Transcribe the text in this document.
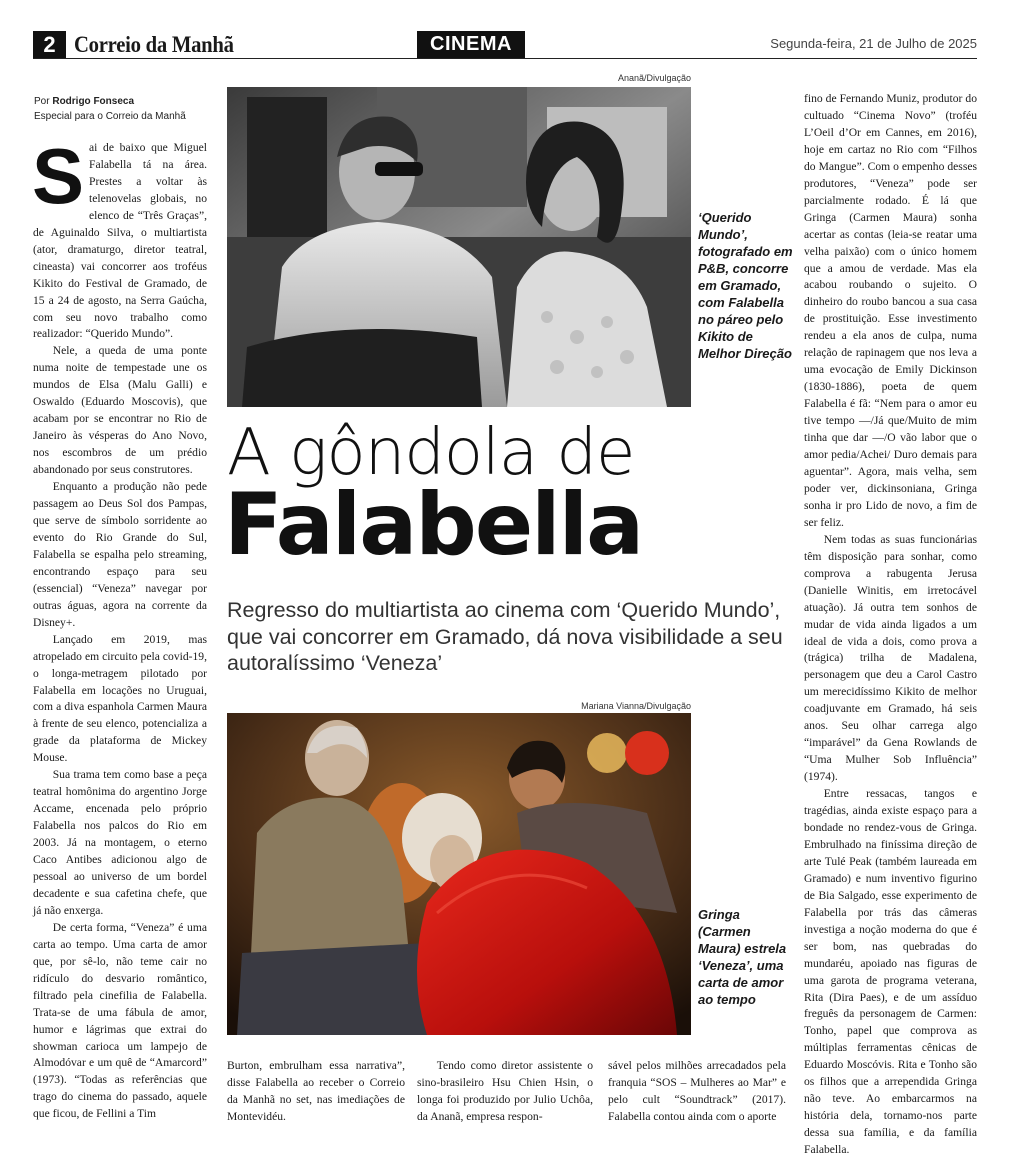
2 Correio da Manhã	CINEMA	Segunda-feira, 21 de Julho de 2025
Por Rodrigo Fonseca
Especial para o Correio da Manhã

Sai de baixo que Miguel Falabella tá na área. Prestes a voltar às telenovelas globais, no elenco de “Três Graças”, de Aguinaldo Silva, o multiartista (ator, dramaturgo, diretor teatral, cineasta) vai concorrer aos troféus Kikito do Festival de Gramado, de 15 a 24 de agosto, na Serra Gaúcha, com seu novo trabalho como realizador: “Querido Mundo”.

Nele, a queda de uma ponte numa noite de tempestade une os mundos de Elsa (Malu Galli) e Oswaldo (Eduardo Moscovis), que acabam por se encontrar no Rio de Janeiro às vésperas do Ano Novo, nos escombros de um prédio abandonado por seus construtores.

Enquanto a produção não pede passagem ao Deus Sol dos Pampas, que serve de símbolo sorridente ao evento do Rio Grande do Sul, Falabella se espalha pelo streaming, encontrando espaço para seu (essencial) “Veneza” navegar por outras águas, agora na corrente da Disney+.

Lançado em 2019, mas atropelado em circuito pela covid-19, o longa-metragem pilotado por Falabella em locações no Uruguai, com a diva espanhola Carmen Maura à frente de seu elenco, potencializa a grade da plataforma de Mickey Mouse.

Sua trama tem como base a peça teatral homônima do argentino Jorge Accame, encenada pelo próprio Falabella nos palcos do Rio em 2003. Já na montagem, o eterno Caco Antibes adicionou algo de pessoal ao universo de um bordel decadente e sua cafetina chefe, que já não enxerga.

De certa forma, “Veneza” é uma carta ao tempo. Uma carta de amor que, por sê-lo, não teme cair no ridículo do desvario romântico, filtrado pela cinefilia de Falabella. Trata-se de uma fábula de amor, humor e lágrimas que extrai do showman carioca um lampejo de Almodóvar e um quê de “Amarcord” (1973). “Todas as referências que trago do cinema do passado, aquele que ficou, de Fellini a Tim

Ananã/Divulgação
‘Querido Mundo’, fotografado em P&B, concorre em Gramado, com Falabella no páreo pelo Kikito de Melhor Direção
A gôndola de
Falabella
Regresso do multiartista ao cinema com ‘Querido Mundo’, que vai concorrer em Gramado, dá nova visibilidade a seu autoralíssimo ‘Veneza’
Mariana Vianna/Divulgação
Gringa (Carmen Maura) estrela ‘Veneza’, uma carta de amor ao tempo

Burton, embrulham essa narrativa”, disse Falabella ao receber o Correio da Manhã no set, nas imediações de Montevidéu.

Tendo como diretor assistente o sino-brasileiro Hsu Chien Hsin, o longa foi produzido por Julio Uchôa, da Ananã, empresa respon-

sável pelos milhões arrecadados pela franquia “SOS – Mulheres ao Mar” e pelo cult “Soundtrack” (2017). Falabella contou ainda com o aporte

fino de Fernando Muniz, produtor do cultuado “Cinema Novo” (troféu L’Oeil d’Or em Cannes, em 2016), hoje em cartaz no Rio com “Filhos do Mangue”. Com o empenho desses produtores, “Veneza” pode ser parcialmente rodado. É lá que Gringa (Carmen Maura) sonha acertar as contas (leia-se reatar uma velha paixão) com o único homem que a amou de verdade. Mas ela acabou roubando o sujeito. O dinheiro do roubo bancou a sua casa de prostituição. Esse investimento rendeu a ela anos de culpa, numa relação de rapinagem que nos leva a uma evocação de Emily Dickinson (1830-1886), poeta de quem Falabella é fã: “Nem para o amor eu tive tempo —/Já que/Muito de mim tinha que dar —/O vão labor que o amor pedia/Achei/ Duro demais para aguentar”. Agora, mais velha, sem poder ver, dickinsoniana, Gringa sonha ir pro Lido de novo, a fim de ser feliz.

Nem todas as suas funcionárias têm disposição para sonhar, como comprova a rabugenta Jerusa (Danielle Winitis, em irretocável atuação). Já outra tem sonhos de mudar de vida ainda ligados a um ideal de vida a dois, como prova a (trágica) trilha de Madalena, personagem que deu a Carol Castro um merecidíssimo Kikito de melhor coadjuvante em Gramado, há seis anos. Seu olhar carrega algo “imparável” da Gena Rowlands de “Uma Mulher Sob Influência” (1974).

Entre ressacas, tangos e tragédias, ainda existe espaço para a bondade no rendez-vous de Gringa. Embrulhado na finíssima direção de arte Tulé Peak (também laureada em Gramado) e num inventivo figurino de Bia Salgado, esse experimento de Falabella por trás das câmeras investiga a noção moderna do que é ser bom, nas quebradas do mundaréu, apoiado nas figuras de uma garota de programa veterana, Rita (Dira Paes), e de um assíduo freguês da personagem de Carmen: Tonho, papel que comprova as múltiplas ferramentas cênicas de Eduardo Moscóvis. Rita e Tonho são os filhos que a arrependida Gringa não teve. Ao embarcarmos na história dela, tornamo-nos parte dessa sua família, e da família Falabella.
